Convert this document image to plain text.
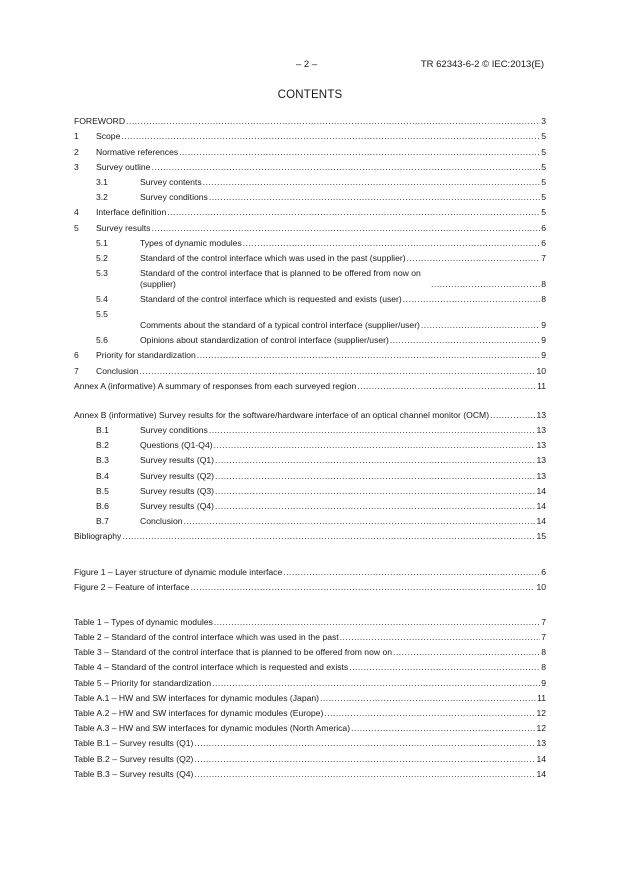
– 2 –	TR 62343-6-2 © IEC:2013(E)
CONTENTS
FOREWORD .....	3
1	Scope .....	5
2	Normative references .....	5
3	Survey outline .....	5
3.1	Survey contents .....	5
3.2	Survey conditions .....	5
4	Interface definition .....	5
5	Survey results .....	6
5.1	Types of dynamic modules .....	6
5.2	Standard of the control interface which was used in the past (supplier) .....	7
5.3	Standard of the control interface that is planned to be offered from now on (supplier) .....	8
5.4	Standard of the control interface which is requested and exists (user) .....	8
5.5
Comments about the standard of a typical control interface (supplier/user) .....	9
5.6	Opinions about standardization of control interface (supplier/user) .....	9
6	Priority for standardization .....	9
7	Conclusion .....	10
Annex A (informative) A summary of responses from each surveyed region .....	11
Annex B (informative) Survey results for the software/hardware interface of an optical channel monitor (OCM) .....	13
B.1	Survey conditions .....	13
B.2	Questions (Q1-Q4) .....	13
B.3	Survey results (Q1) .....	13
B.4	Survey results (Q2) .....	13
B.5	Survey results (Q3) .....	14
B.6	Survey results (Q4) .....	14
B.7	Conclusion .....	14
Bibliography .....	15
Figure 1 – Layer structure of dynamic module interface .....	6
Figure 2 – Feature of interface .....	10
Table 1 – Types of dynamic modules .....	7
Table 2 – Standard of the control interface which was used in the past .....	7
Table 3 – Standard of the control interface that is planned to be offered from now on .....	8
Table 4 – Standard of the control interface which is requested and exists .....	8
Table 5 – Priority for standardization .....	9
Table A.1 – HW and SW interfaces for dynamic modules (Japan) .....	11
Table A.2 – HW and SW interfaces for dynamic modules (Europe) .....	12
Table A.3 – HW and SW interfaces for dynamic modules (North America) .....	12
Table B.1 – Survey results (Q1) .....	13
Table B.2 – Survey results (Q2) .....	14
Table B.3 – Survey results (Q4) .....	14
